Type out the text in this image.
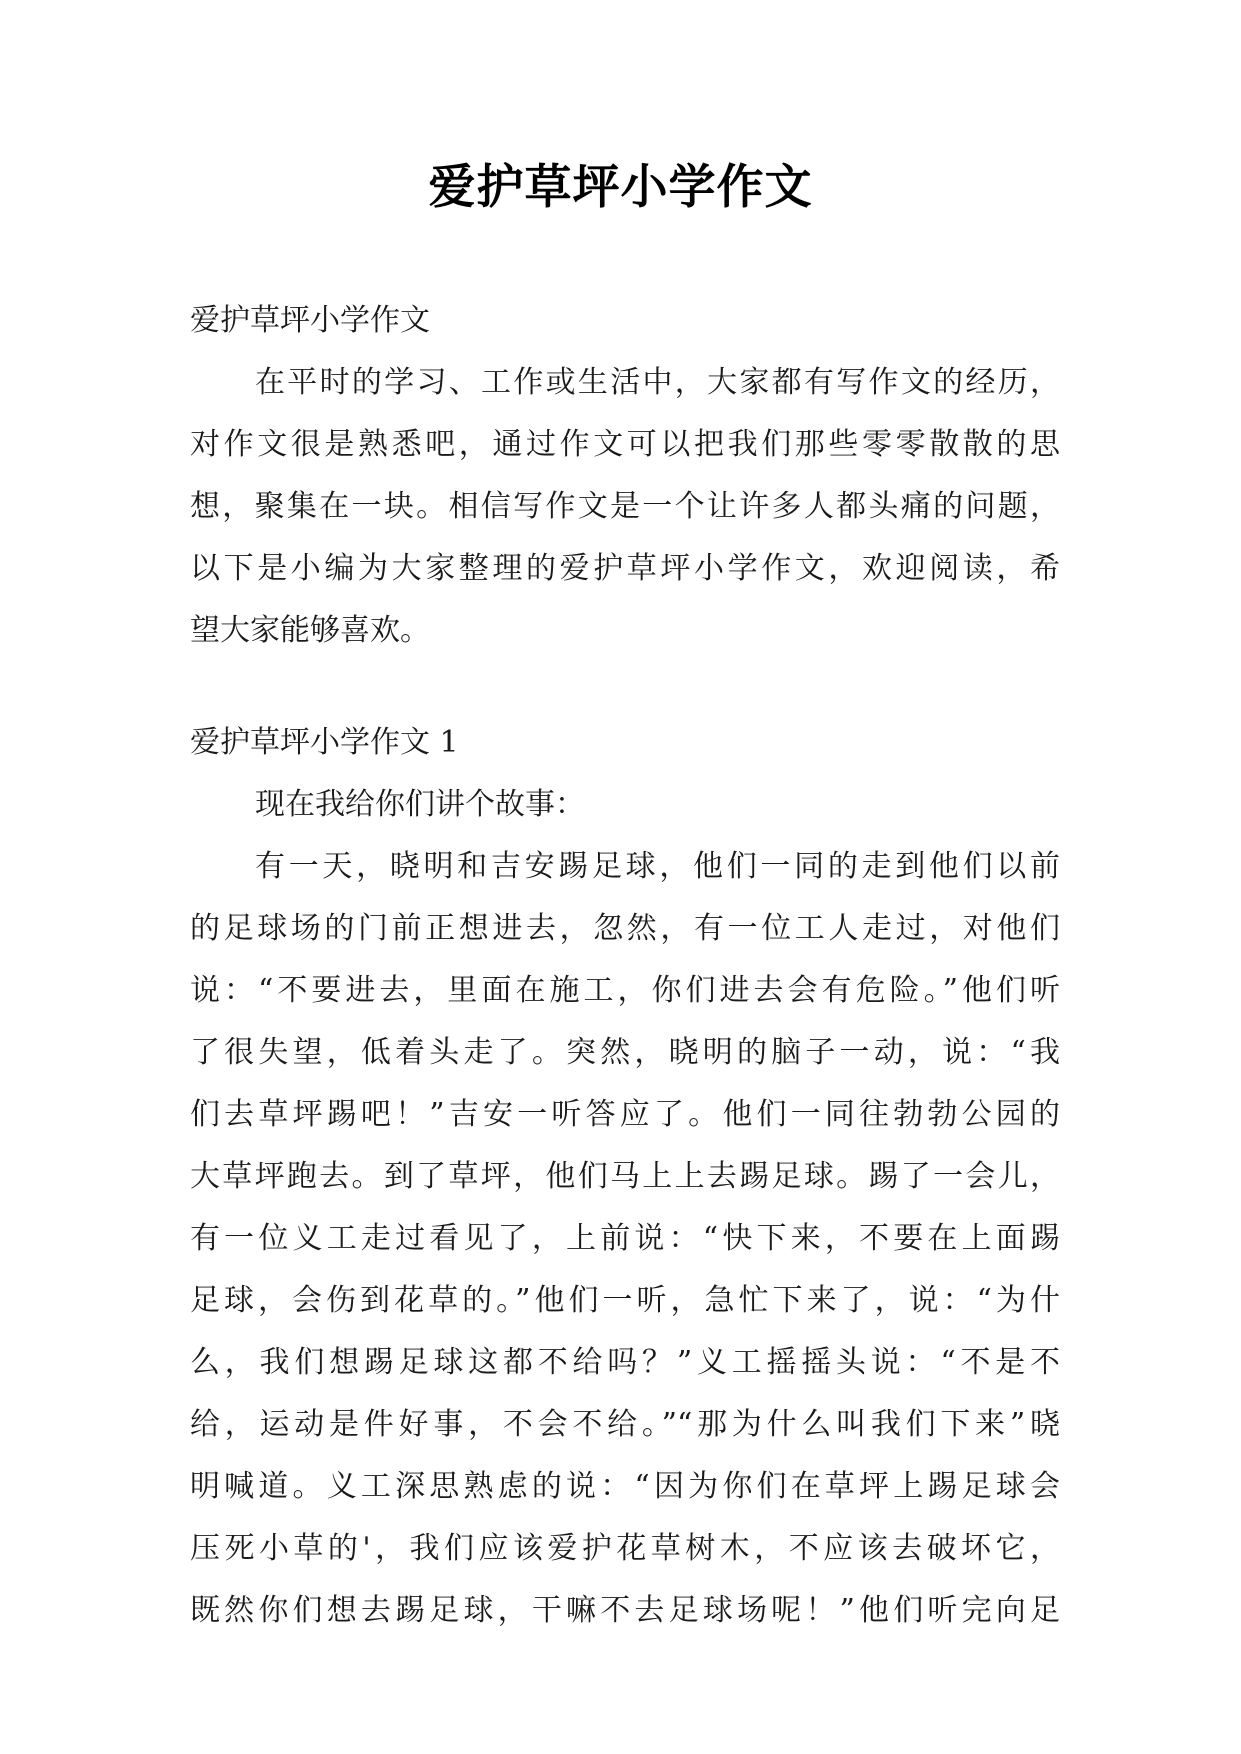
爱护草坪小学作文
爱护草坪小学作文
在平时的学习、工作或生活中，大家都有写作文的经历，
对作文很是熟悉吧，通过作文可以把我们那些零零散散的思
想，聚集在一块。相信写作文是一个让许多人都头痛的问题，
以下是小编为大家整理的爱护草坪小学作文，欢迎阅读，希
望大家能够喜欢。
爱护草坪小学作文 1
现在我给你们讲个故事：
有一天，晓明和吉安踢足球，他们一同的走到他们以前
的足球场的门前正想进去，忽然，有一位工人走过，对他们
说：“不要进去，里面在施工，你们进去会有危险。”他们听
了很失望，低着头走了。突然，晓明的脑子一动，说：“我
们去草坪踢吧！”吉安一听答应了。他们一同往勃勃公园的
大草坪跑去。到了草坪，他们马上上去踢足球。踢了一会儿，
有一位义工走过看见了，上前说：“快下来，不要在上面踢
足球，会伤到花草的。”他们一听，急忙下来了，说：“为什
么，我们想踢足球这都不给吗？”义工摇摇头说：“不是不
给，运动是件好事，不会不给。”“那为什么叫我们下来”晓
明喊道。义工深思熟虑的说：“因为你们在草坪上踢足球会
压死小草的'，我们应该爱护花草树木，不应该去破坏它，
既然你们想去踢足球，干嘛不去足球场呢！”他们听完向足
